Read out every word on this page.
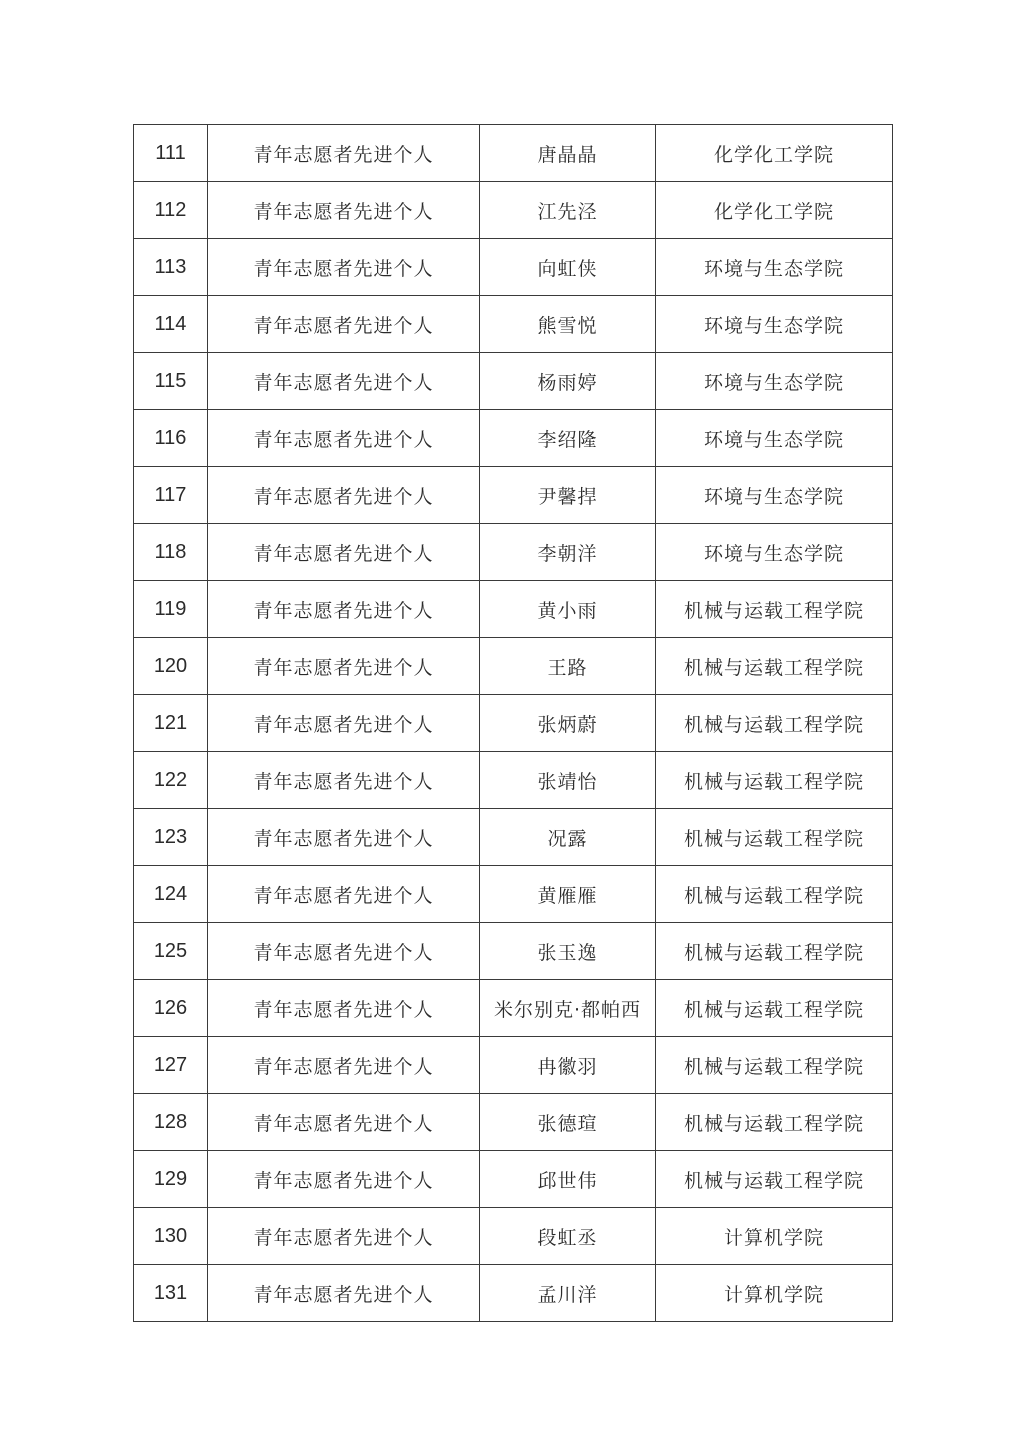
111	青年志愿者先进个人	唐晶晶	化学化工学院
112	青年志愿者先进个人	江先泾	化学化工学院
113	青年志愿者先进个人	向虹侠	环境与生态学院
114	青年志愿者先进个人	熊雪悦	环境与生态学院
115	青年志愿者先进个人	杨雨婷	环境与生态学院
116	青年志愿者先进个人	李绍隆	环境与生态学院
117	青年志愿者先进个人	尹馨捍	环境与生态学院
118	青年志愿者先进个人	李朝洋	环境与生态学院
119	青年志愿者先进个人	黄小雨	机械与运载工程学院
120	青年志愿者先进个人	王路	机械与运载工程学院
121	青年志愿者先进个人	张炳蔚	机械与运载工程学院
122	青年志愿者先进个人	张靖怡	机械与运载工程学院
123	青年志愿者先进个人	况露	机械与运载工程学院
124	青年志愿者先进个人	黄雁雁	机械与运载工程学院
125	青年志愿者先进个人	张玉逸	机械与运载工程学院
126	青年志愿者先进个人	米尔别克·都帕西	机械与运载工程学院
127	青年志愿者先进个人	冉徽羽	机械与运载工程学院
128	青年志愿者先进个人	张德瑄	机械与运载工程学院
129	青年志愿者先进个人	邱世伟	机械与运载工程学院
130	青年志愿者先进个人	段虹丞	计算机学院
131	青年志愿者先进个人	孟川洋	计算机学院
